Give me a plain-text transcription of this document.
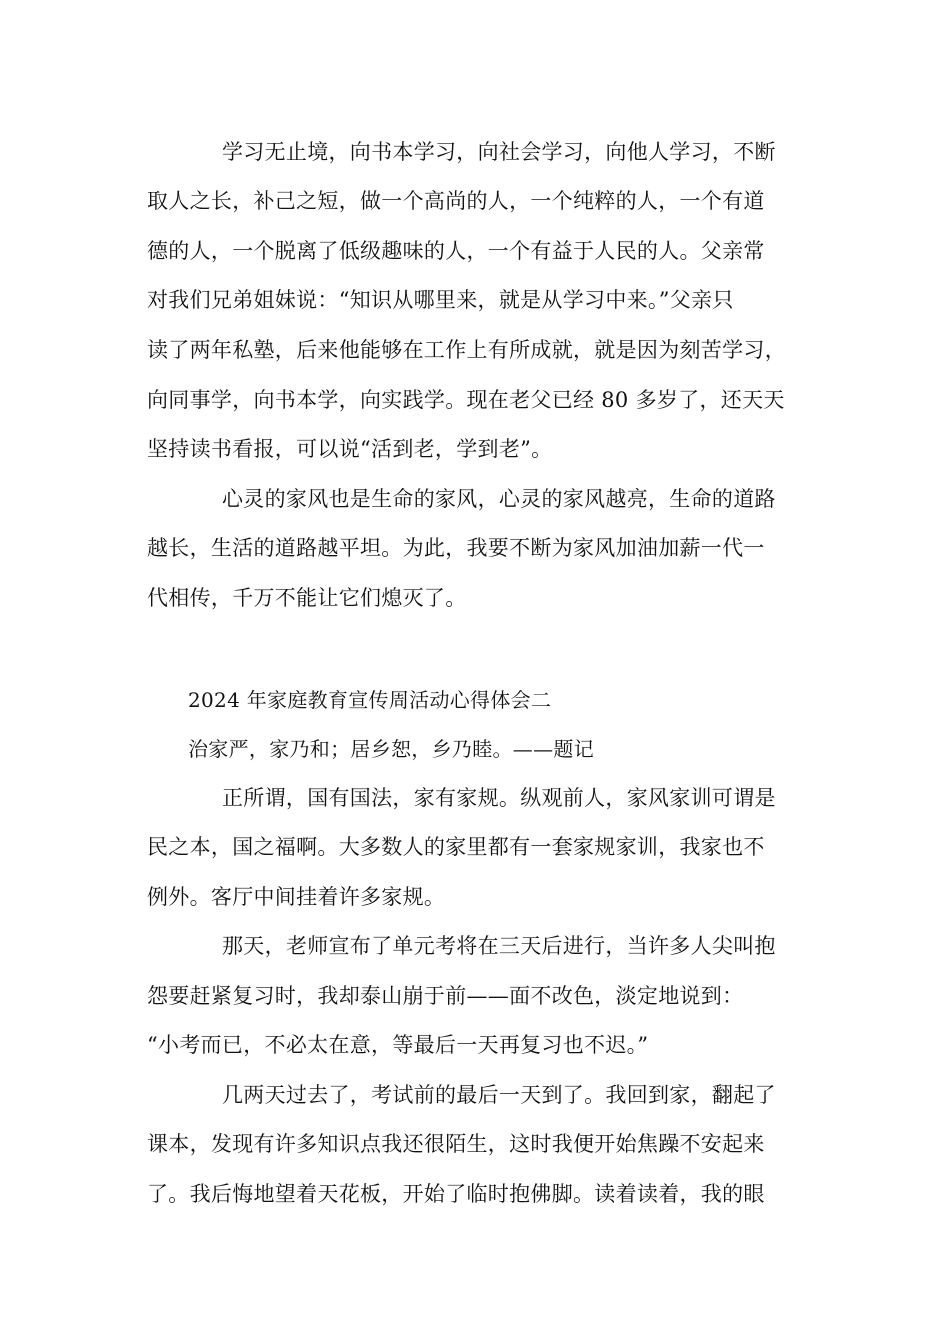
学习无止境，向书本学习，向社会学习，向他人学习，不断
取人之长，补己之短，做一个高尚的人，一个纯粹的人，一个有道
德的人，一个脱离了低级趣味的人，一个有益于人民的人。父亲常
对我们兄弟姐妹说：“知识从哪里来，就是从学习中来。”父亲只
读了两年私塾，后来他能够在工作上有所成就，就是因为刻苦学习，
向同事学，向书本学，向实践学。现在老父已经 80 多岁了，还天天
坚持读书看报，可以说“活到老，学到老”。
心灵的家风也是生命的家风，心灵的家风越亮，生命的道路
越长，生活的道路越平坦。为此，我要不断为家风加油加薪一代一
代相传，千万不能让它们熄灭了。
2024 年家庭教育宣传周活动心得体会二
治家严，家乃和；居乡恕，乡乃睦。——题记
正所谓，国有国法，家有家规。纵观前人，家风家训可谓是
民之本，国之福啊。大多数人的家里都有一套家规家训，我家也不
例外。客厅中间挂着许多家规。
那天，老师宣布了单元考将在三天后进行，当许多人尖叫抱
怨要赶紧复习时，我却泰山崩于前——面不改色，淡定地说到：
“小考而已，不必太在意，等最后一天再复习也不迟。”
几两天过去了，考试前的最后一天到了。我回到家，翻起了
课本，发现有许多知识点我还很陌生，这时我便开始焦躁不安起来
了。我后悔地望着天花板，开始了临时抱佛脚。读着读着，我的眼
